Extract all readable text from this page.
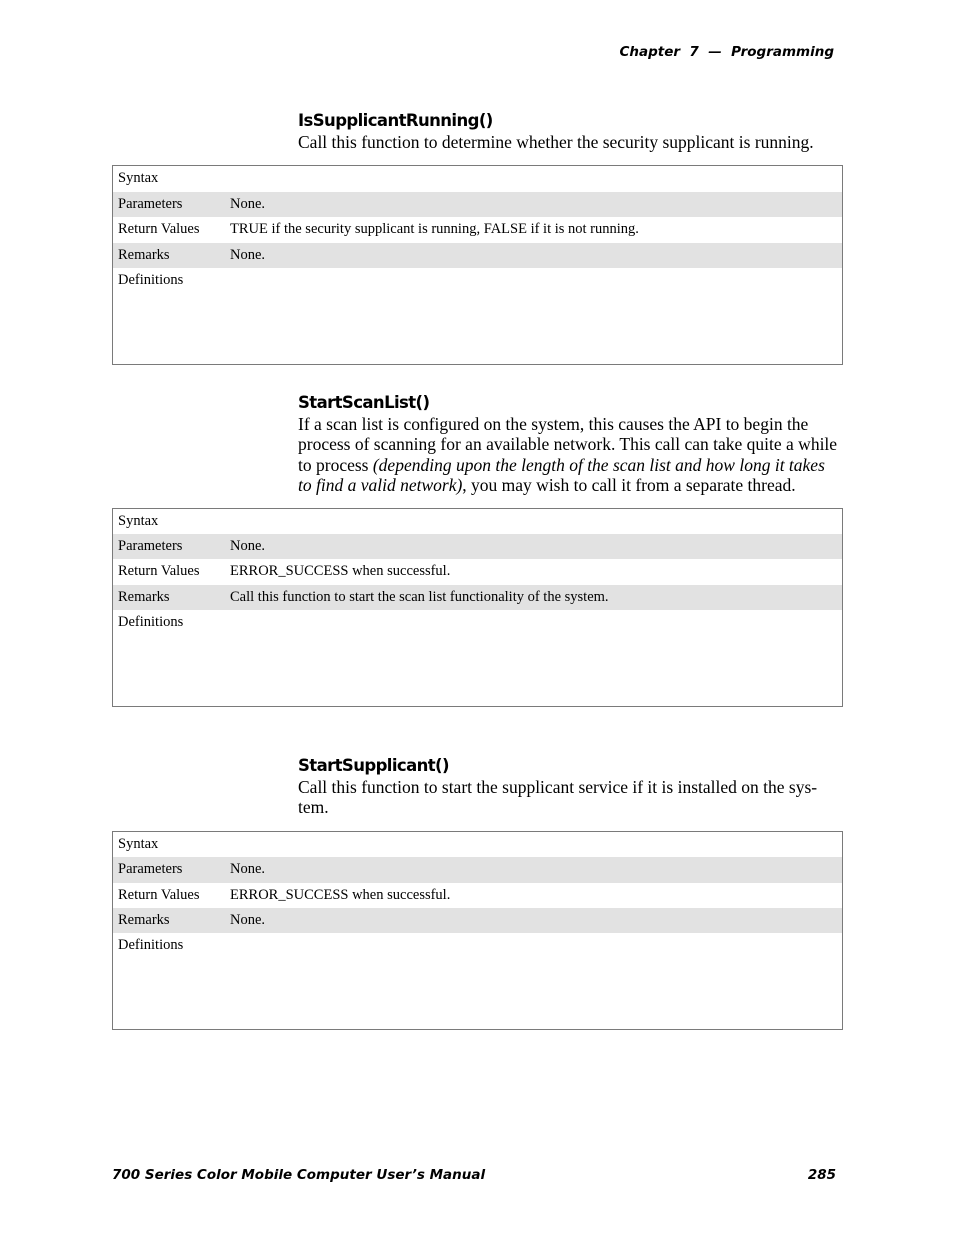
Chapter  7  —  Programming
IsSupplicantRunning()
Call this function to determine whether the security supplicant is running.
Syntax
Parameters	None.
Return Values	TRUE if the security supplicant is running, FALSE if it is not running.
Remarks	None.
Definitions
StartScanList()
If a scan list is configured on the system, this causes the API to begin the process of scanning for an available network. This call can take quite a while to process (depending upon the length of the scan list and how long it takes to find a valid network), you may wish to call it from a separate thread.
Syntax
Parameters	None.
Return Values	ERROR_SUCCESS when successful.
Remarks	Call this function to start the scan list functionality of the system.
Definitions
StartSupplicant()
Call this function to start the supplicant service if it is installed on the sys- tem.
Syntax
Parameters	None.
Return Values	ERROR_SUCCESS when successful.
Remarks	None.
Definitions
700 Series Color Mobile Computer User’s Manual	285
